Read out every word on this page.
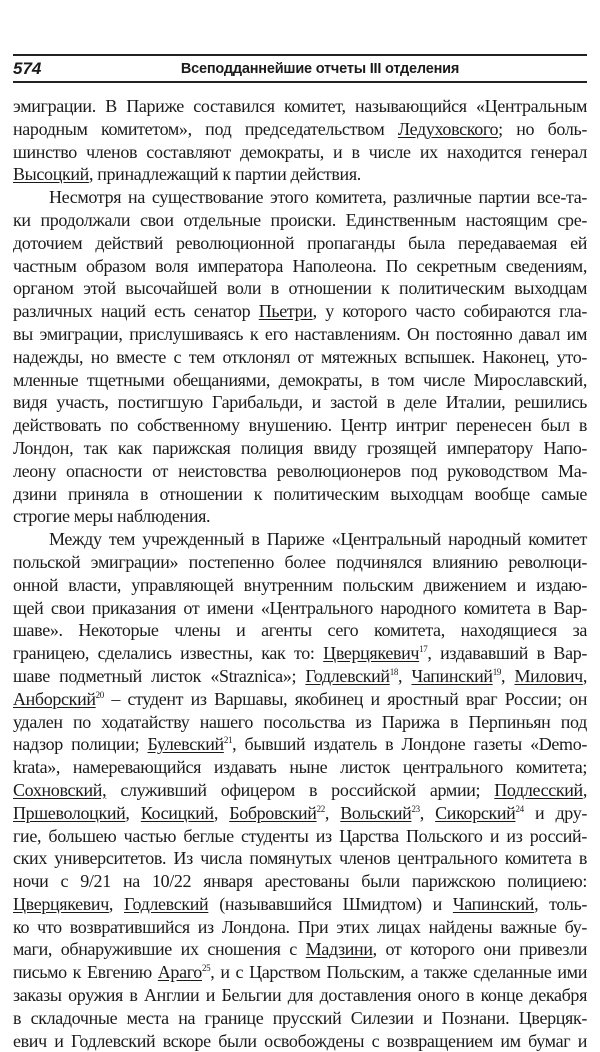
574	Всеподданнейшие отчеты III отделения
эмиграции. В Париже составился комитет, называющийся «Центральным
народным комитетом», под председательством Ледуховского; но боль-
шинство членов составляют демократы, и в числе их находится генерал
Высоцкий, принадлежащий к партии действия.
Несмотря на существование этого комитета, различные партии все-та-
ки продолжали свои отдельные происки. Единственным настоящим сре-
доточием действий революционной пропаганды была передаваемая ей
частным образом воля императора Наполеона. По секретным сведениям,
органом этой высочайшей воли в отношении к политическим выходцам
различных наций есть сенатор Пьетри, у которого часто собираются гла-
вы эмиграции, прислушиваясь к его наставлениям. Он постоянно давал им
надежды, но вместе с тем отклонял от мятежных вспышек. Наконец, уто-
мленные тщетными обещаниями, демократы, в том числе Мирославский,
видя участь, постигшую Гарибальди, и застой в деле Италии, решились
действовать по собственному внушению. Центр интриг перенесен был в
Лондон, так как парижская полиция ввиду грозящей императору Напо-
леону опасности от неистовства революционеров под руководством Ма-
дзини приняла в отношении к политическим выходцам вообще самые
строгие меры наблюдения.
Между тем учрежденный в Париже «Центральный народный комитет
польской эмиграции» постепенно более подчинялся влиянию революци-
онной власти, управляющей внутренним польским движением и издаю-
щей свои приказания от имени «Центрального народного комитета в Вар-
шаве». Некоторые члены и агенты сего комитета, находящиеся за
границею, сделались известны, как то: Цверцякевич$^{17}$, издававший в Вар-
шаве подметный листок «Straznica»; Годлевский$^{18}$, Чапинский$^{19}$, Милович,
Анборский$^{20}$ – студент из Варшавы, якобинец и яростный враг России; он
удален по ходатайству нашего посольства из Парижа в Перпиньян под
надзор полиции; Булевский$^{21}$, бывший издатель в Лондоне газеты «Demo-
krata», намеревающийся издавать ныне листок центрального комитета;
Сохновский, служивший офицером в российской армии; Подлесский,
Пршеволоцкий, Косицкий, Бобровский$^{22}$, Вольский$^{23}$, Сикорский$^{24}$ и дру-
гие, большею частью беглые студенты из Царства Польского и из россий-
ских университетов. Из числа помянутых членов центрального комитета в
ночи с 9/21 на 10/22 января арестованы были парижскою полициею:
Цверцякевич, Годлевский (называвшийся Шмидтом) и Чапинский, толь-
ко что возвратившийся из Лондона. При этих лицах найдены важные бу-
маги, обнаружившие их сношения с Мадзини, от которого они привезли
письмо к Евгению Араго$^{25}$, и с Царством Польским, а также сделанные ими
заказы оружия в Англии и Бельгии для доставления оного в конце декабря
в складочные места на границе прусский Силезии и Познани. Цверцяк-
евич и Годлевский вскоре были освобождены с возвращением им бумаг и
